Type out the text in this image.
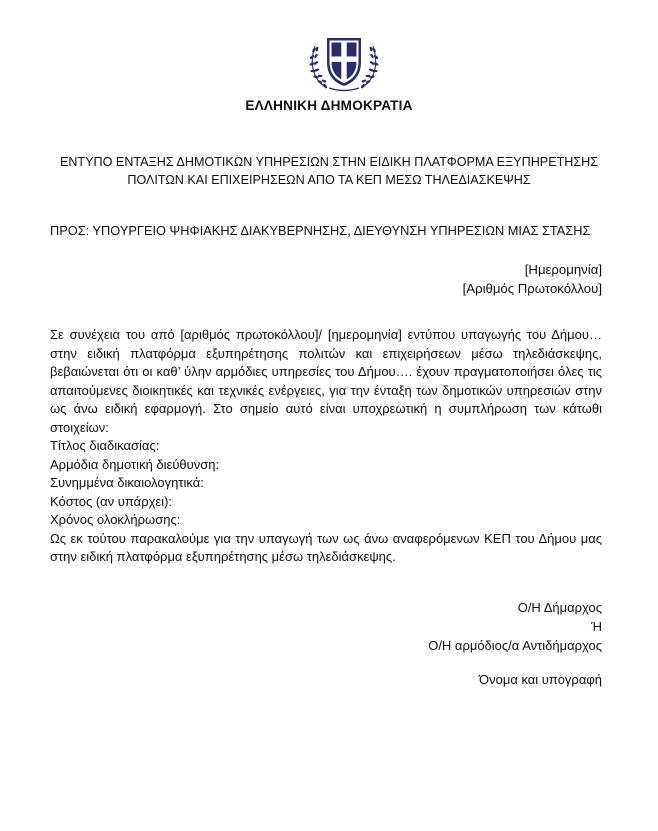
ΕΛΛΗΝΙΚΗ ΔΗΜΟΚΡΑΤΙΑ
ΕΝΤΥΠΟ ΕΝΤΑΞΗΣ ΔΗΜΟΤΙΚΩΝ ΥΠΗΡΕΣΙΩΝ ΣΤΗΝ ΕΙΔΙΚΗ ΠΛΑΤΦΟΡΜΑ ΕΞΥΠΗΡΕΤΗΣΗΣ
ΠΟΛΙΤΩΝ ΚΑΙ ΕΠΙΧΕΙΡΗΣΕΩΝ ΑΠΟ ΤΑ ΚΕΠ ΜΕΣΩ ΤΗΛΕΔΙΑΣΚΕΨΗΣ
ΠΡΟΣ: ΥΠΟΥΡΓΕΙΟ ΨΗΦΙΑΚΗΣ ΔΙΑΚΥΒΕΡΝΗΣΗΣ, ΔΙΕΥΘΥΝΣΗ ΥΠΗΡΕΣΙΩΝ ΜΙΑΣ ΣΤΑΣΗΣ
[Ημερομηνία]
[Αριθμός Πρωτοκόλλου]

Σε συνέχεια του από [αριθμός πρωτοκόλλου]/ [ημερομηνία] εντύπου υπαγωγής του Δήμου… στην ειδική πλατφόρμα εξυπηρέτησης πολιτών και επιχειρήσεων μέσω τηλεδιάσκεψης, βεβαιώνεται ότι οι καθ’ ύλην αρμόδιες υπηρεσίες του Δήμου…. έχουν πραγματοποιήσει όλες τις απαιτούμενες διοικητικές και τεχνικές ενέργειες, για την ένταξη των δημοτικών υπηρεσιών στην ως άνω ειδική εφαρμογή. Στο σημείο αυτό είναι υποχρεωτική η συμπλήρωση των κάτωθι στοιχείων:

Τίτλος διαδικασίας:

Αρμόδια δημοτική διεύθυνση:

Συνημμένα δικαιολογητικά:

Κόστος (αν υπάρχει):

Χρόνος ολοκλήρωσης:

Ως εκ τούτου παρακαλούμε για την υπαγωγή των ως άνω αναφερόμενων ΚΕΠ του Δήμου μας στην ειδική πλατφόρμα εξυπηρέτησης μέσω τηλεδιάσκεψης.

Ο/Η Δήμαρχος
Ή
Ο/Η αρμόδιος/α Αντιδήμαρχος
Όνομα και υπογραφή
